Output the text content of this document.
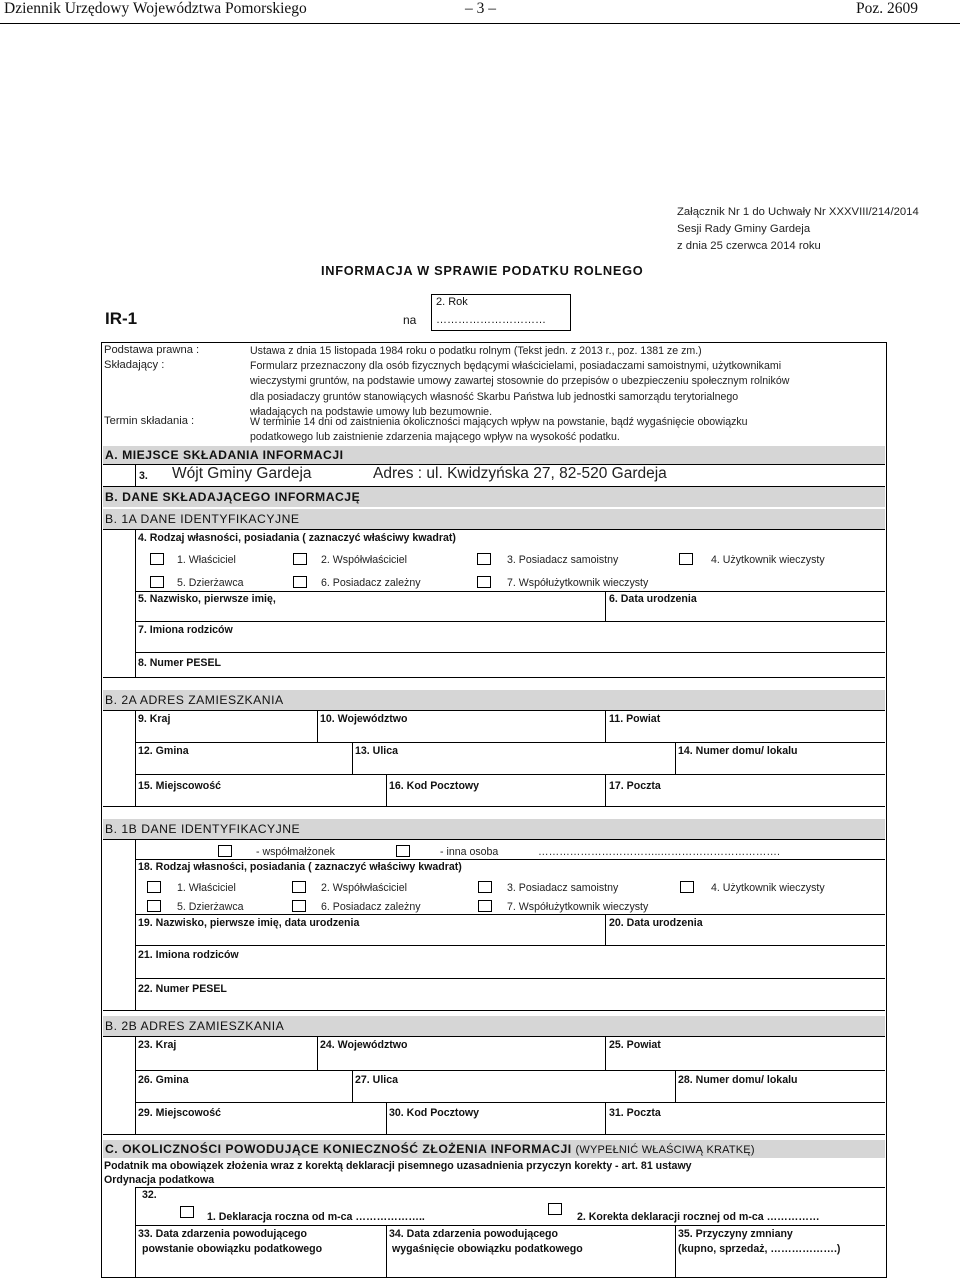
Dziennik Urzędowy Województwa Pomorskiego	– 3 –	Poz. 2609
Załącznik Nr 1 do Uchwały Nr XXXVIII/214/2014
Sesji Rady Gminy Gardeja
z dnia 25 czerwca 2014 roku
INFORMACJA W SPRAWIE PODATKU ROLNEGO
IR-1	na
2. Rok
…………………………
Podstawa prawna :	Ustawa z dnia 15 listopada 1984 roku o podatku rolnym (Tekst jedn. z 2013 r., poz. 1381 ze zm.)
Składający :	Formularz przeznaczony dla osób fizycznych będącymi właścicielami, posiadaczami samoistnymi, użytkownikami
wieczystymi gruntów, na podstawie umowy zawartej stosownie do przepisów o ubezpieczeniu społecznym rolników
dla posiadaczy gruntów stanowiących własność Skarbu Państwa lub jednostki samorządu terytorialnego
władających na podstawie umowy lub bezumownie.
Termin składania :	W terminie 14 dni od zaistnienia okoliczności mających wpływ na powstanie, bądź wygaśnięcie obowiązku
podatkowego lub zaistnienie zdarzenia mającego wpływ na wysokość podatku.
A. MIEJSCE SKŁADANIA INFORMACJI
3. Wójt Gminy Gardeja	Adres : ul. Kwidzyńska 27, 82-520 Gardeja
B. DANE SKŁADAJĄCEGO INFORMACJĘ
B. 1A DANE IDENTYFIKACYJNE
4. Rodzaj własności, posiadania ( zaznaczyć właściwy kwadrat)
1. Właściciel	2. Współwłaściciel	3. Posiadacz samoistny	4. Użytkownik wieczysty
5. Dzierżawca	6. Posiadacz zależny	7. Współużytkownik wieczysty
5. Nazwisko, pierwsze imię,	6. Data urodzenia
7. Imiona rodziców
8. Numer PESEL
B. 2A ADRES ZAMIESZKANIA
9. Kraj	10. Województwo	11. Powiat
12. Gmina	13. Ulica	14. Numer domu/ lokalu
15. Miejscowość	16. Kod Pocztowy	17. Poczta
B. 1B DANE IDENTYFIKACYJNE
- współmałżonek	- inna osoba	……………………………..…………………………….
18. Rodzaj własności, posiadania ( zaznaczyć właściwy kwadrat)
1. Właściciel	2. Współwłaściciel	3. Posiadacz samoistny	4. Użytkownik wieczysty
5. Dzierżawca	6. Posiadacz zależny	7. Współużytkownik wieczysty
19. Nazwisko, pierwsze imię, data urodzenia	20. Data urodzenia
21. Imiona rodziców
22. Numer PESEL
B. 2B ADRES ZAMIESZKANIA
23. Kraj	24. Województwo	25. Powiat
26. Gmina	27. Ulica	28. Numer domu/ lokalu
29. Miejscowość	30. Kod Pocztowy	31. Poczta
C. OKOLICZNOŚCI POWODUJĄCE KONIECZNOŚĆ ZŁOŻENIA INFORMACJI (WYPEŁNIĆ WŁAŚCIWĄ KRATKĘ)
Podatnik ma obowiązek złożenia wraz z korektą deklaracji pisemnego uzasadnienia przyczyn korekty - art. 81 ustawy
Ordynacja podatkowa
32.
1. Deklaracja roczna od m-ca ………………..	2. Korekta deklaracji rocznej od m-ca ……………
33. Data zdarzenia powodującego
powstanie obowiązku podatkowego
34. Data zdarzenia powodującego
wygaśnięcie obowiązku podatkowego
35. Przyczyny zmniany
(kupno, sprzedaż, ……………….)
